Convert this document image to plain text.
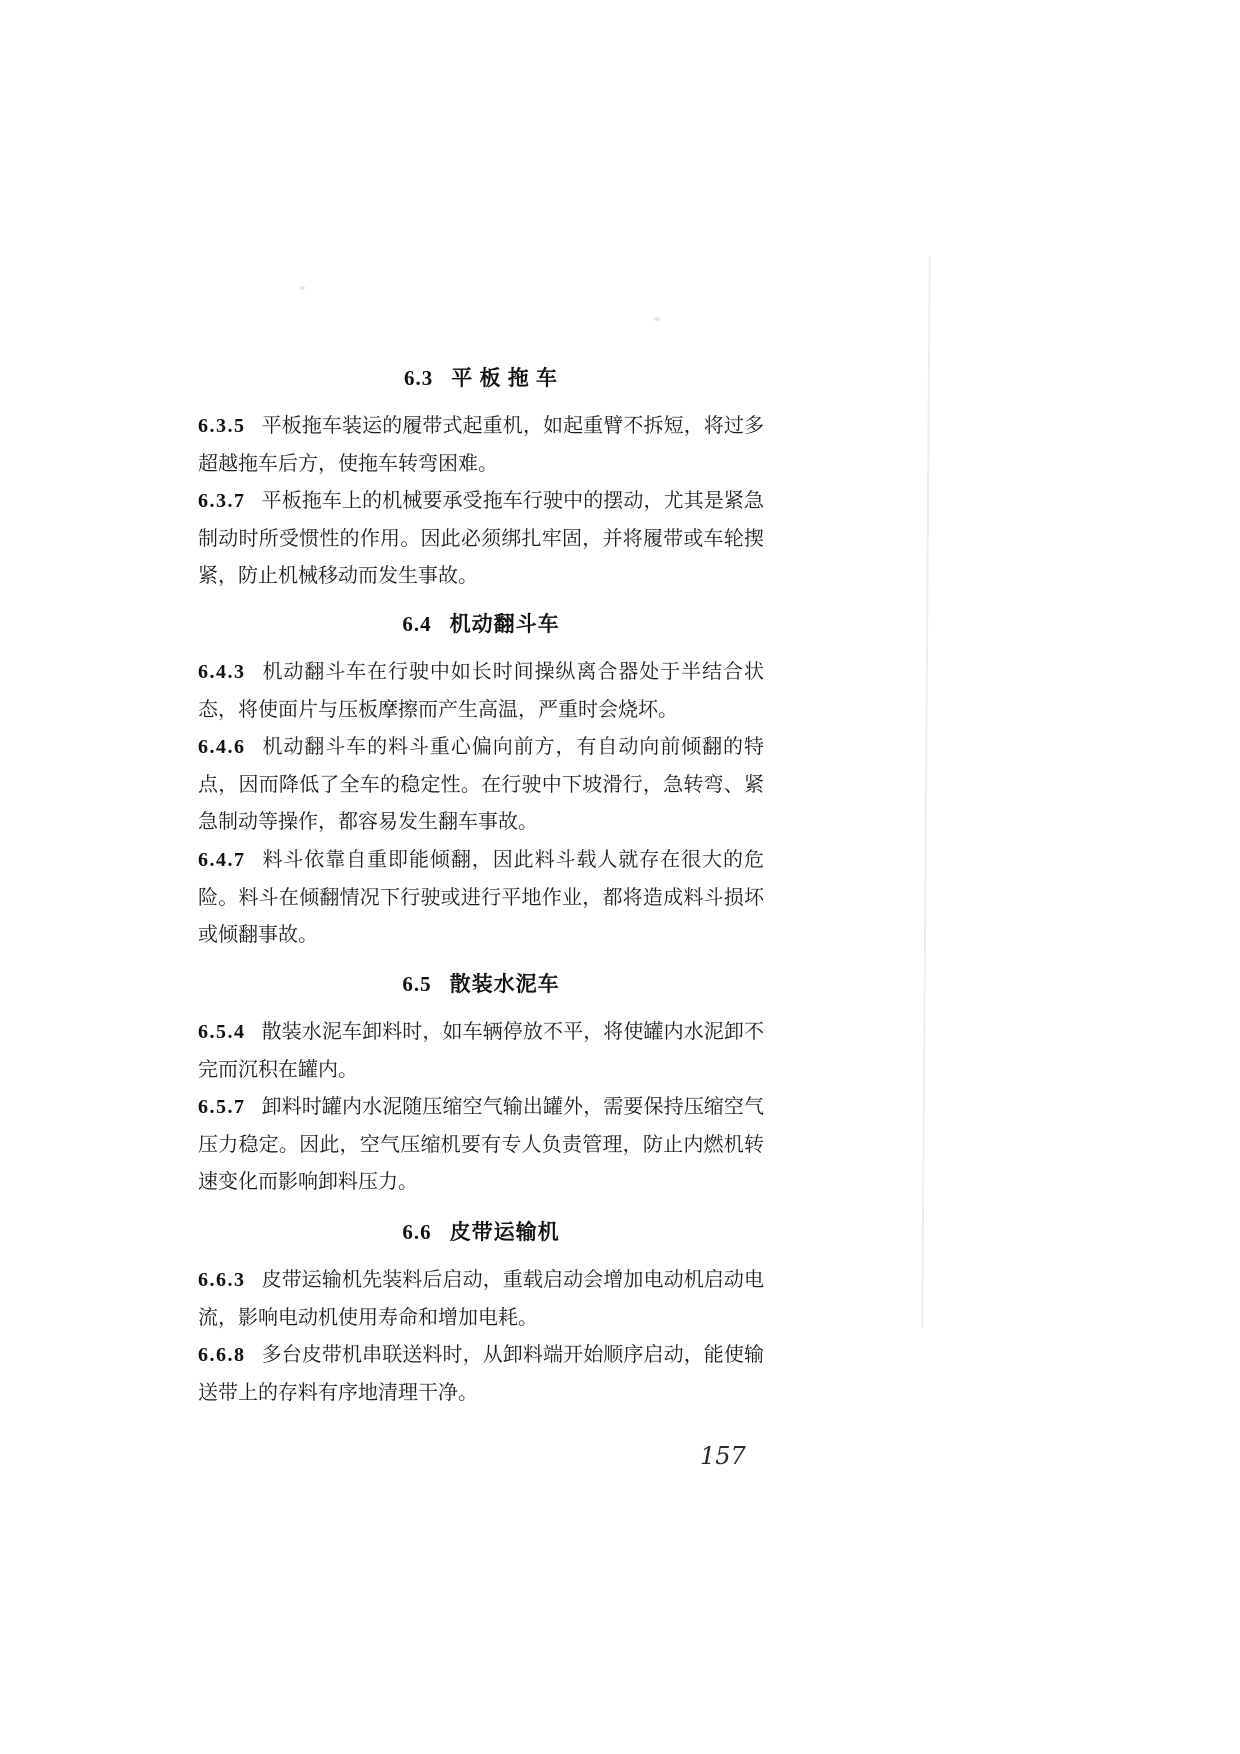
6.3 平 板 拖 车

6.3.5 平板拖车装运的履带式起重机，如起重臂不拆短，将过多超越拖车后方，使拖车转弯困难。

6.3.7 平板拖车上的机械要承受拖车行驶中的摆动，尤其是紧急制动时所受惯性的作用。因此必须绑扎牢固，并将履带或车轮揳紧，防止机械移动而发生事故。

6.4 机动翻斗车

6.4.3 机动翻斗车在行驶中如长时间操纵离合器处于半结合状态，将使面片与压板摩擦而产生高温，严重时会烧坏。

6.4.6 机动翻斗车的料斗重心偏向前方，有自动向前倾翻的特点，因而降低了全车的稳定性。在行驶中下坡滑行，急转弯、紧急制动等操作，都容易发生翻车事故。

6.4.7 料斗依靠自重即能倾翻，因此料斗载人就存在很大的危险。料斗在倾翻情况下行驶或进行平地作业，都将造成料斗损坏或倾翻事故。

6.5 散装水泥车

6.5.4 散装水泥车卸料时，如车辆停放不平，将使罐内水泥卸不完而沉积在罐内。

6.5.7 卸料时罐内水泥随压缩空气输出罐外，需要保持压缩空气压力稳定。因此，空气压缩机要有专人负责管理，防止内燃机转速变化而影响卸料压力。

6.6 皮带运输机

6.6.3 皮带运输机先装料后启动，重载启动会增加电动机启动电流，影响电动机使用寿命和增加电耗。

6.6.8 多台皮带机串联送料时，从卸料端开始顺序启动，能使输送带上的存料有序地清理干净。

157
